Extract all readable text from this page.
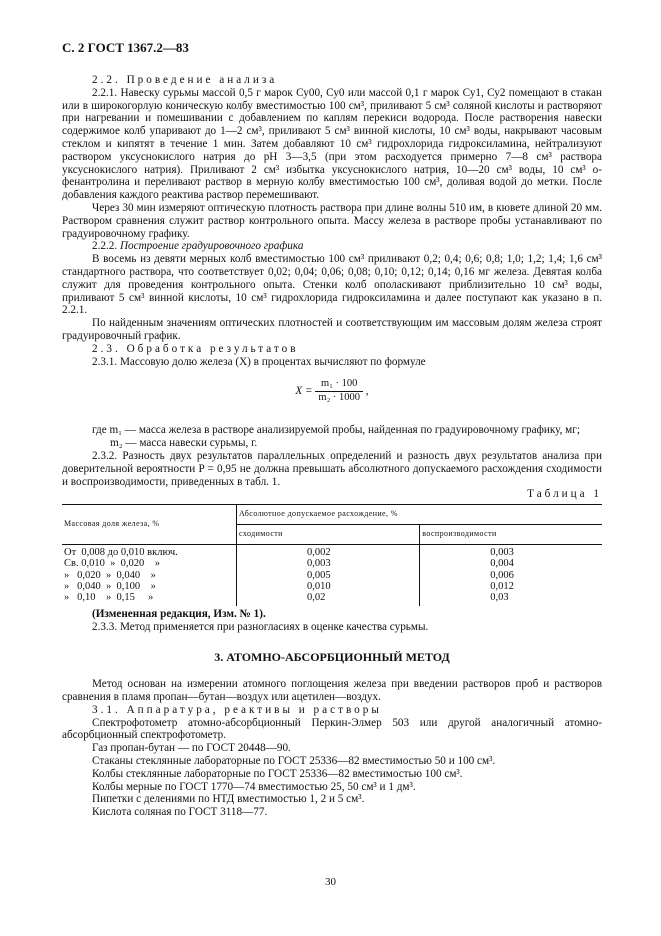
С. 2 ГОСТ 1367.2—83

2.2. Проведение анализа

2.2.1. Навеску сурьмы массой 0,5 г марок Су00, Су0 или массой 0,1 г марок Су1, Су2 помещают в стакан или в широкогорлую коническую колбу вместимостью 100 см³, приливают 5 см³ соляной кислоты и растворяют при нагревании и помешивании с добавлением по каплям перекиси водорода. После растворения навески содержимое колб упаривают до 1—2 см³, приливают 5 см³ винной кислоты, 10 см³ воды, накрывают часовым стеклом и кипятят в течение 1 мин. Затем добавляют 10 см³ гидрохлорида гидроксиламина, нейтрализуют раствором уксуснокислого натрия до рН 3—3,5 (при этом расходуется примерно 7—8 см³ раствора уксуснокислого натрия). Приливают 2 см³ избытка уксуснокислого натрия, 10—20 см³ воды, 10 см³ о-фенантролина и переливают раствор в мерную колбу вместимостью 100 см³, доливая водой до метки. После добавления каждого реактива раствор перемешивают.

Через 30 мин измеряют оптическую плотность раствора при длине волны 510 им, в кювете длиной 20 мм. Раствором сравнения служит раствор контрольного опыта. Массу железа в растворе пробы устанавливают по градуировочному графику.

2.2.2. Построение градуировочного графика

В восемь из девяти мерных колб вместимостью 100 см³ приливают 0,2; 0,4; 0,6; 0,8; 1,0; 1,2; 1,4; 1,6 см³ стандартного раствора, что соответствует 0,02; 0,04; 0,06; 0,08; 0,10; 0,12; 0,14; 0,16 мг железа. Девятая колба служит для проведения контрольного опыта. Стенки колб ополаскивают приблизительно 10 см³ воды, приливают 5 см³ винной кислоты, 10 см³ гидрохлорида гидроксиламина и далее поступают как указано в п. 2.2.1.

По найденным значениям оптических плотностей и соответствующим им массовым долям железа строят градуировочный график.

2.3. Обработка результатов

2.3.1. Массовую долю железа (X) в процентах вычисляют по формуле

$X = \frac{\text{m₁ · 100}}{\text{m₂ · 1000}}$ ,

где m₁ — масса железа в растворе анализируемой пробы, найденная по градуировочному графику, мг;

m₂ — масса навески сурьмы, г.

2.3.2. Разность двух результатов параллельных определений и разность двух результатов анализа при доверительной вероятности P = 0,95 не должна превышать абсолютного допускаемого расхождения сходимости и воспроизводимости, приведенных в табл. 1.

Таблица 1

Массовая доля железа, %	Абсолютное допускаемое расхождение, %	
	сходимости	воспроизводимости
От  0,008 до 0,010 включ.	0,002	0,003
Св. 0,010  »  0,020    »	0,003	0,004
»   0,020  »  0,040    »	0,005	0,006
»   0,040  »  0,100    »	0,010	0,012
»   0,10    »  0,15     »	0,02	0,03

(Измененная редакция, Изм. № 1).

2.3.3. Метод применяется при разногласиях в оценке качества сурьмы.

3. АТОМНО-АБСОРБЦИОННЫЙ МЕТОД

Метод основан на измерении атомного поглощения железа при введении растворов проб и растворов сравнения в пламя пропан—бутан—воздух или ацетилен—воздух.

3.1. Аппаратура, реактивы и растворы

Спектрофотометр атомно-абсорбционный Перкин-Элмер 503 или другой аналогичный атомно-абсорбционный спектрофотометр.

Газ пропан-бутан — по ГОСТ 20448—90.

Стаканы стеклянные лабораторные по ГОСТ 25336—82 вместимостью 50 и 100 см³.

Колбы стеклянные лабораторные по ГОСТ 25336—82 вместимостью 100 см³.

Колбы мерные по ГОСТ 1770—74 вместимостью 25, 50 см³ и 1 дм³.

Пипетки с делениями по НТД вместимостью 1, 2 и 5 см³.

Кислота соляная по ГОСТ 3118—77.

30
